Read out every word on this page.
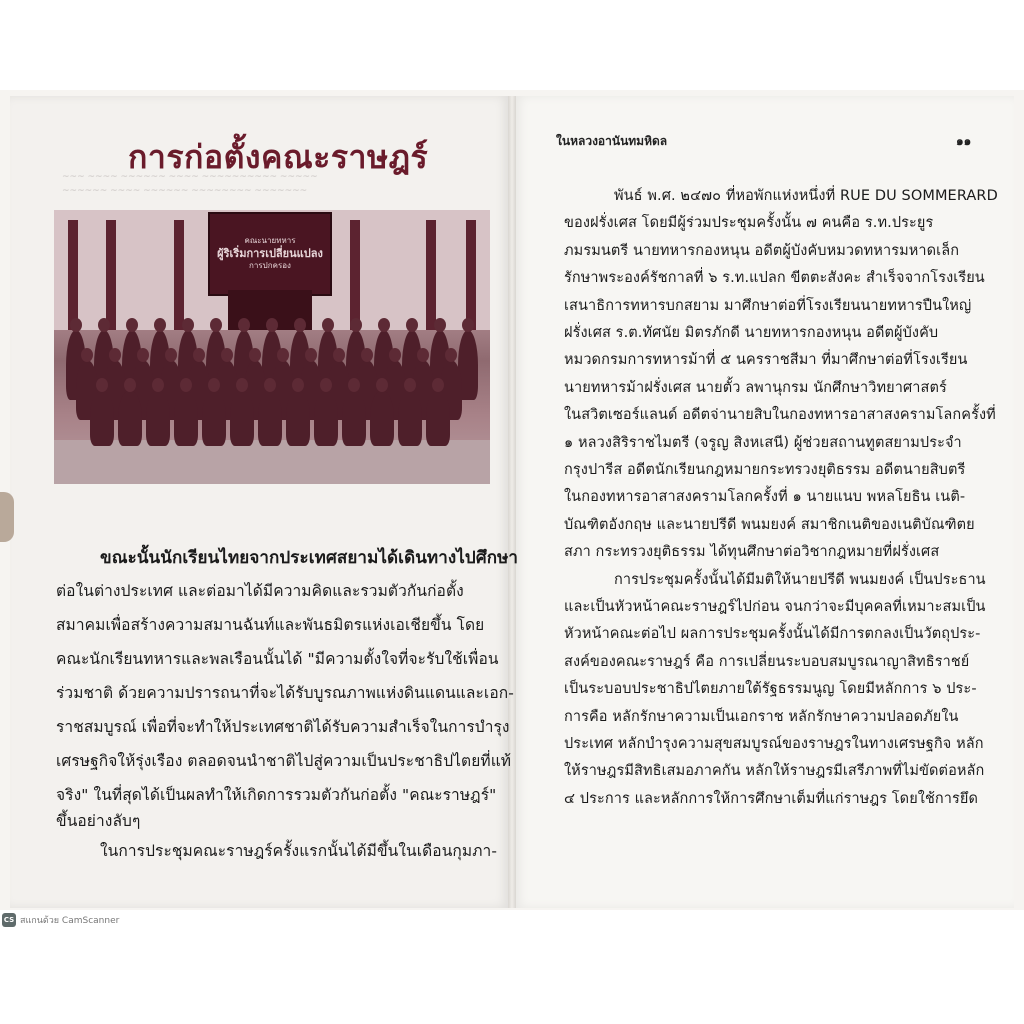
การก่อตั้งคณะราษฎร์
คณะนายทหาร
ผู้ริเริ่มการเปลี่ยนแปลง
การปกครอง
~~~ ~~~~ ~~~~~~ ~~~~ ~~~~~~~~~~ ~~~~~
~~~~~~ ~~~~ ~~~~~~ ~~~~~~~~ ~~~~~~~
ขณะนั้นนักเรียนไทยจากประเทศสยามได้เดินทางไปศึกษา
ต่อในต่างประเทศ และต่อมาได้มีความคิดและรวมตัวกันก่อตั้ง
สมาคมเพื่อสร้างความสมานฉันท์และพันธมิตรแห่งเอเชียขึ้น โดย
คณะนักเรียนทหารและพลเรือนนั้นได้ "มีความตั้งใจที่จะรับใช้เพื่อน
ร่วมชาติ ด้วยความปรารถนาที่จะได้รับบูรณภาพแห่งดินแดนและเอก-
ราชสมบูรณ์ เพื่อที่จะทำให้ประเทศชาติได้รับความสำเร็จในการบำรุง
เศรษฐกิจให้รุ่งเรือง ตลอดจนนำชาติไปสู่ความเป็นประชาธิปไตยที่แท้
จริง" ในที่สุดได้เป็นผลทำให้เกิดการรวมตัวกันก่อตั้ง "คณะราษฎร์"
ขึ้นอย่างลับๆ
ในการประชุมคณะราษฎร์ครั้งแรกนั้นได้มีขึ้นในเดือนกุมภา-
ในหลวงอานันทมหิดล	๑๑
พันธ์ พ.ศ. ๒๔๗๐ ที่หอพักแห่งหนึ่งที่ RUE DU SOMMERARD
ของฝรั่งเศส โดยมีผู้ร่วมประชุมครั้งนั้น ๗ คนคือ ร.ท.ประยูร
ภมรมนตรี นายทหารกองหนุน อดีตผู้บังคับหมวดทหารมหาดเล็ก
รักษาพระองค์รัชกาลที่ ๖ ร.ท.แปลก ขีตตะสังคะ สำเร็จจากโรงเรียน
เสนาธิการทหารบกสยาม มาศึกษาต่อที่โรงเรียนนายทหารปืนใหญ่
ฝรั่งเศส ร.ต.ทัศนัย มิตรภักดี นายทหารกองหนุน อดีตผู้บังคับ
หมวดกรมการทหารม้าที่ ๕ นครราชสีมา ที่มาศึกษาต่อที่โรงเรียน
นายทหารม้าฝรั่งเศส นายตั้ว ลพานุกรม นักศึกษาวิทยาศาสตร์
ในสวิตเซอร์แลนด์ อดีตจ่านายสิบในกองทหารอาสาสงครามโลกครั้งที่
๑ หลวงสิริราชไมตรี (จรูญ สิงหเสนี) ผู้ช่วยสถานทูตสยามประจำ
กรุงปารีส อดีตนักเรียนกฎหมายกระทรวงยุติธรรม อดีตนายสิบตรี
ในกองทหารอาสาสงครามโลกครั้งที่ ๑ นายแนบ พหลโยธิน เนติ-
บัณฑิตอังกฤษ และนายปรีดี พนมยงค์ สมาชิกเนติของเนติบัณฑิตย
สภา กระทรวงยุติธรรม ได้ทุนศึกษาต่อวิชากฎหมายที่ฝรั่งเศส
การประชุมครั้งนั้นได้มีมติให้นายปรีดี พนมยงค์ เป็นประธาน
และเป็นหัวหน้าคณะราษฎร์ไปก่อน จนกว่าจะมีบุคคลที่เหมาะสมเป็น
หัวหน้าคณะต่อไป ผลการประชุมครั้งนั้นได้มีการตกลงเป็นวัตถุประ-
สงค์ของคณะราษฎร์ คือ การเปลี่ยนระบอบสมบูรณาญาสิทธิราชย์
เป็นระบอบประชาธิปไตยภายใต้รัฐธรรมนูญ โดยมีหลักการ ๖ ประ-
การคือ หลักรักษาความเป็นเอกราช หลักรักษาความปลอดภัยใน
ประเทศ หลักบำรุงความสุขสมบูรณ์ของราษฎรในทางเศรษฐกิจ หลัก
ให้ราษฎรมีสิทธิเสมอภาคกัน หลักให้ราษฎรมีเสรีภาพที่ไม่ขัดต่อหลัก
๔ ประการ และหลักการให้การศึกษาเต็มที่แก่ราษฎร โดยใช้การยึด
CS สแกนด้วย CamScanner
